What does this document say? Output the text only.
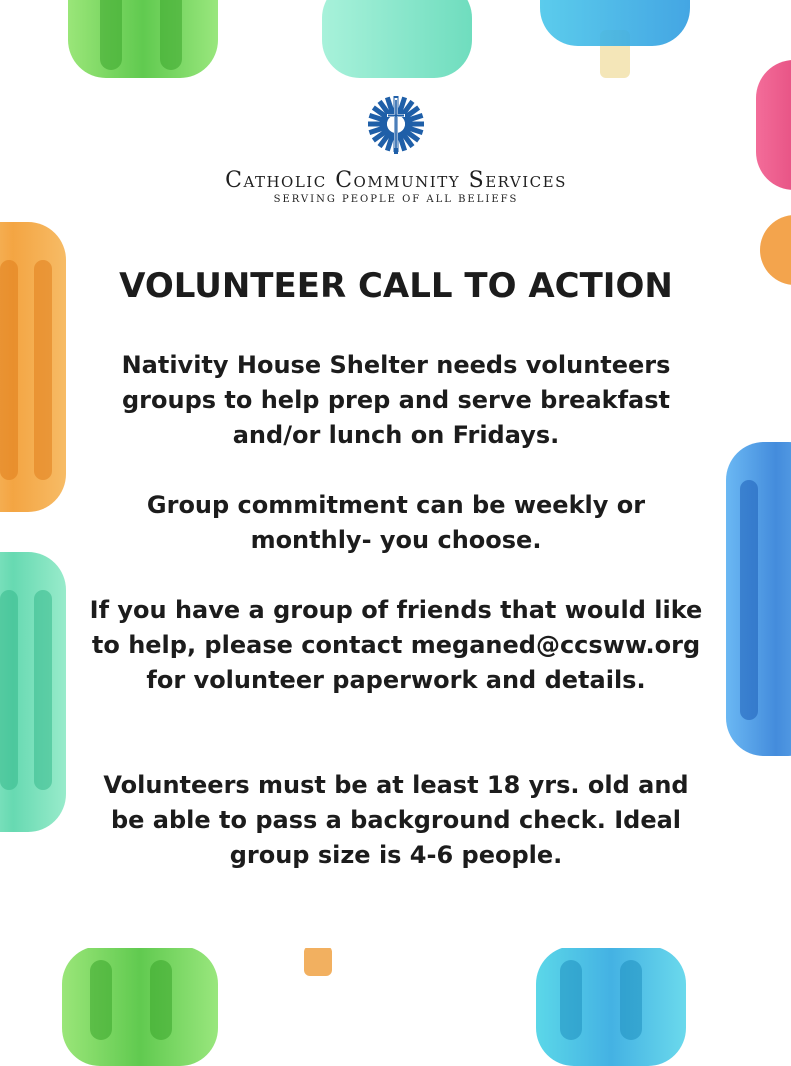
Catholic Community Services

SERVING PEOPLE OF ALL BELIEFS

VOLUNTEER CALL TO ACTION

Nativity House Shelter needs volunteers groups to help prep and serve breakfast and/or lunch on Fridays.

Group commitment can be weekly or monthly- you choose.

If you have a group of friends that would like to help, please contact meganed@ccsww.org for volunteer paperwork and details.

Volunteers must be at least 18 yrs. old and be able to pass a background check. Ideal group size is 4-6 people.
